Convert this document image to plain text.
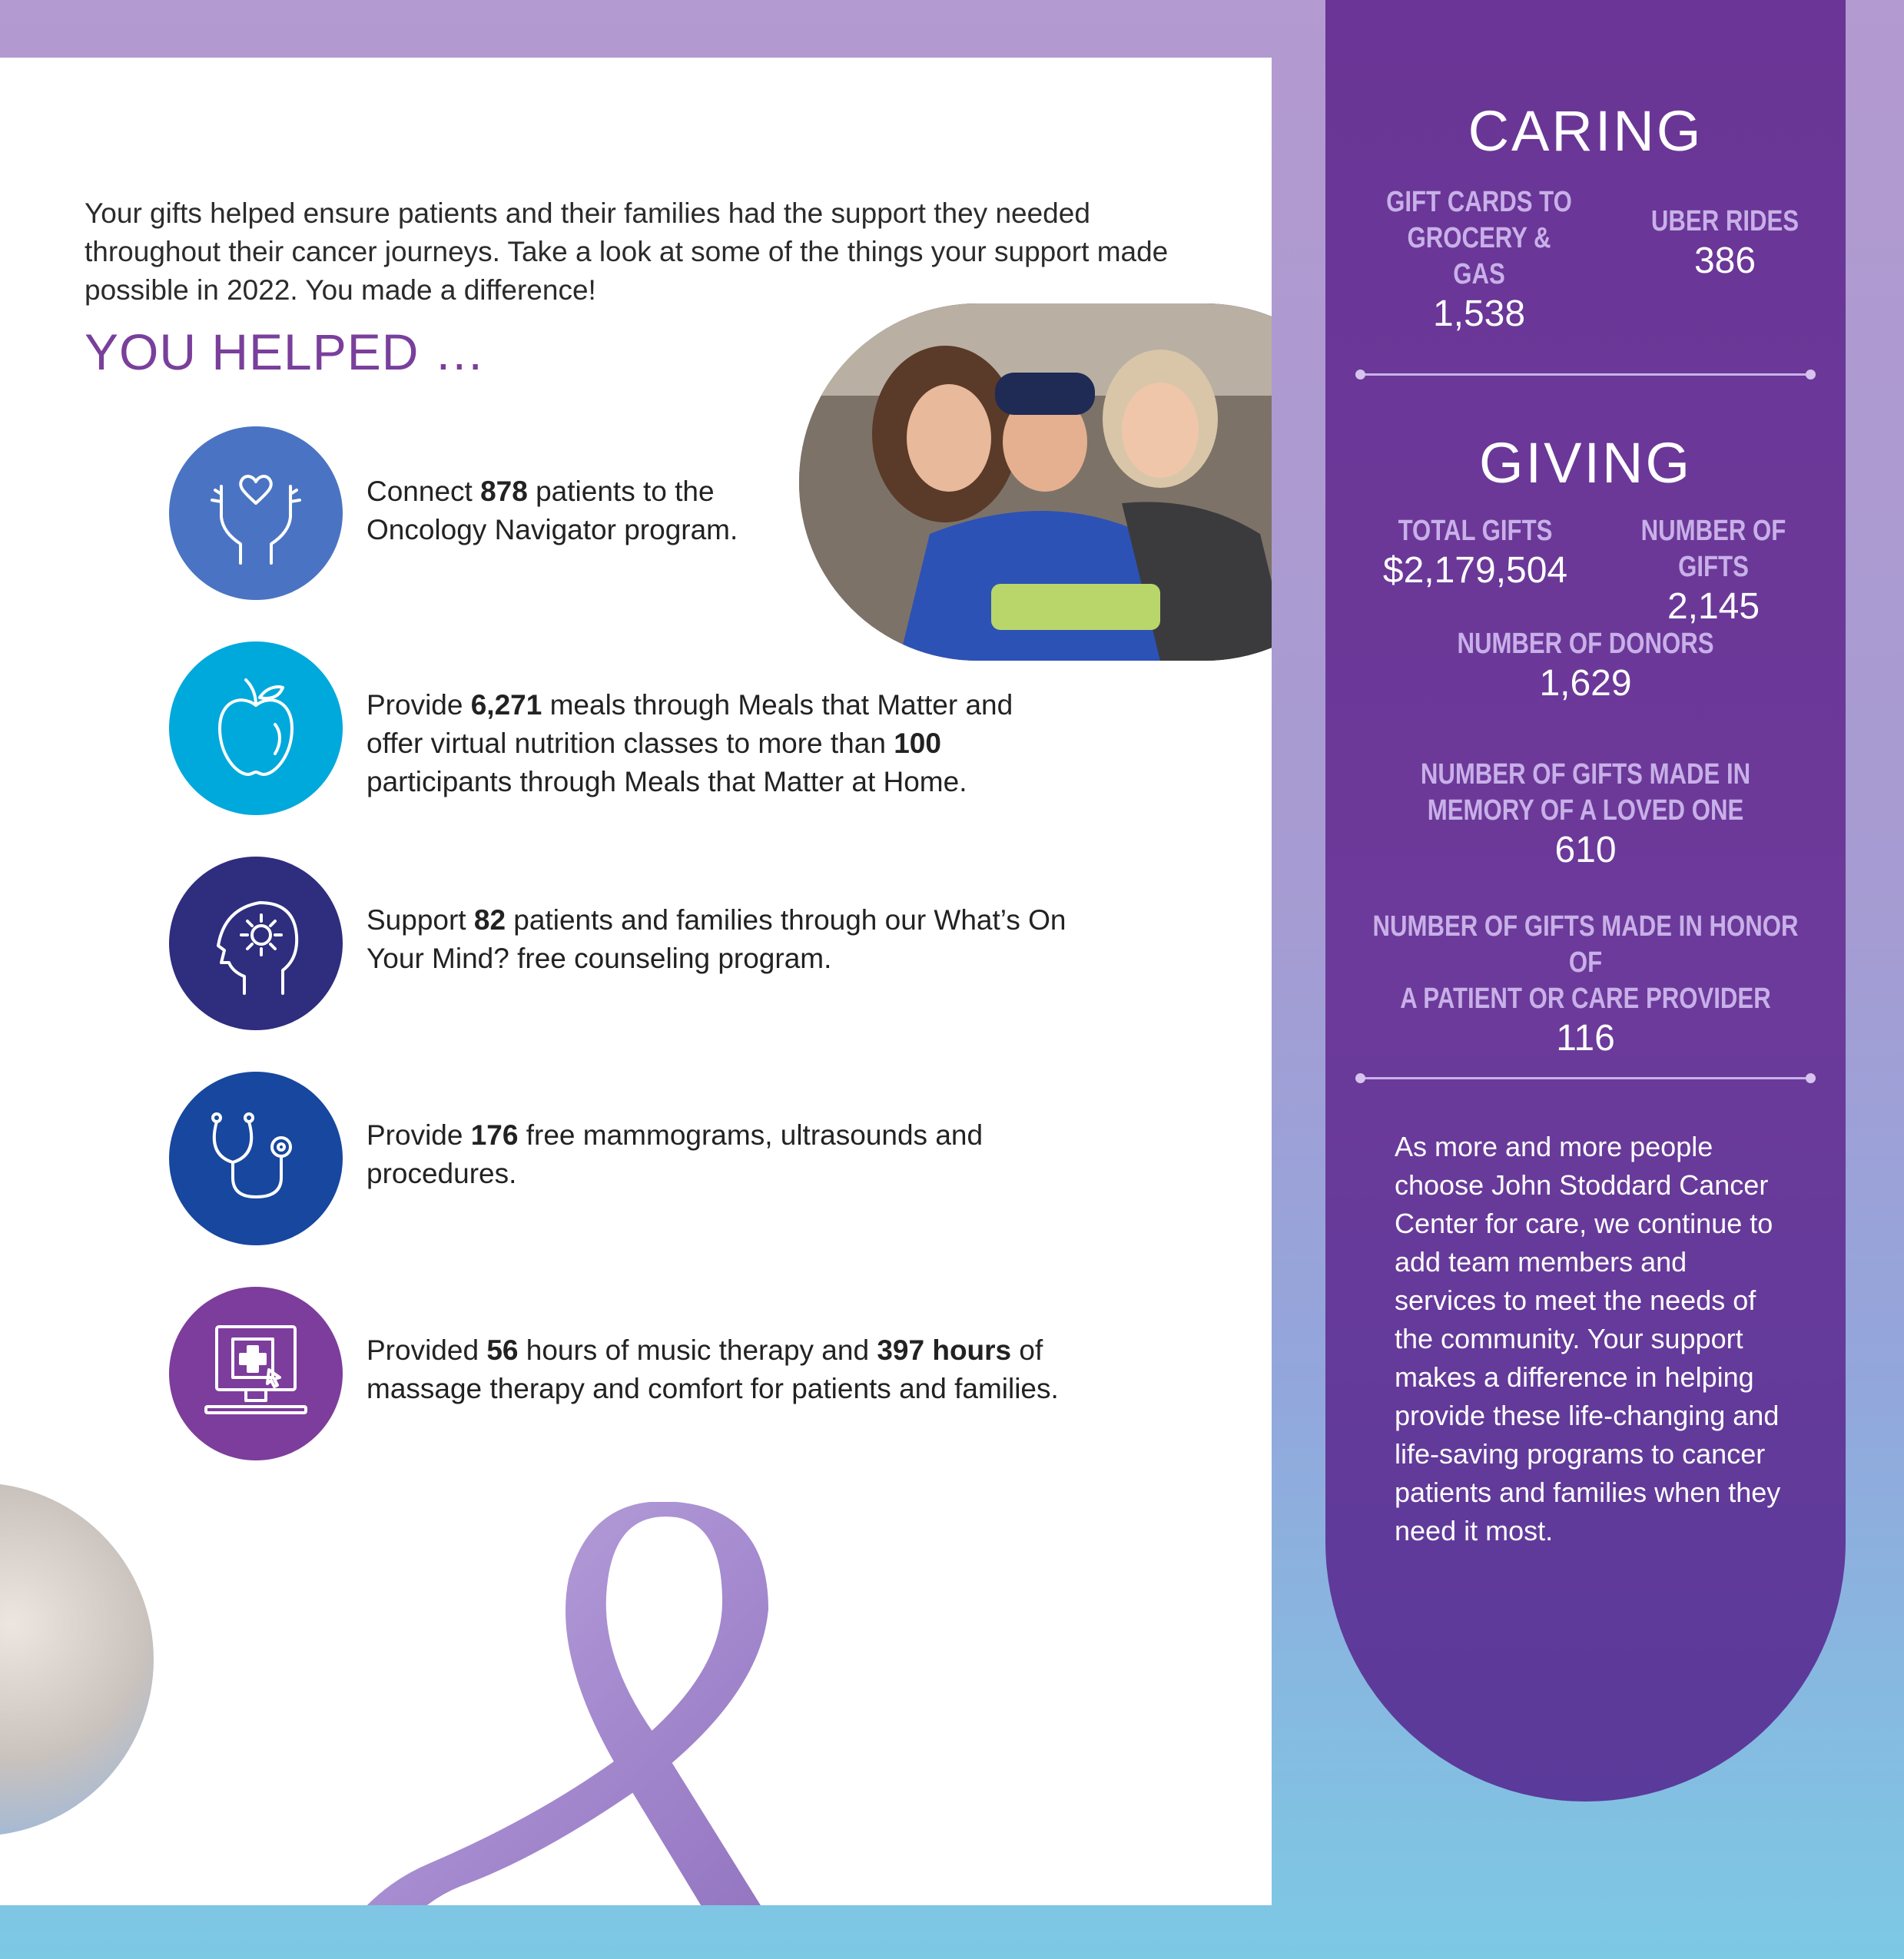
Your gifts helped ensure patients and their families had the support they needed throughout their cancer journeys. Take a look at some of the things your support made possible in 2022. You made a difference!

YOU HELPED …

Connect 878 patients to the Oncology Navigator program.

Provide 6,271 meals through Meals that Matter and offer virtual nutrition classes to more than 100 participants through Meals that Matter at Home.

Support 82 patients and families through our What’s On Your Mind? free counseling program.

Provide 176 free mammograms, ultrasounds and procedures.

Provided 56 hours of music therapy and 397 hours of massage therapy and comfort for patients and families.

CARING
GIFT CARDS TO
GROCERY & GAS
1,538
UBER RIDES
386
GIVING
TOTAL GIFTS
$2,179,504
NUMBER OF GIFTS
2,145
NUMBER OF DONORS
1,629
NUMBER OF GIFTS MADE IN
MEMORY OF A LOVED ONE
610
NUMBER OF GIFTS MADE IN HONOR OF
A PATIENT OR CARE PROVIDER
116

As more and more people choose John Stoddard Cancer Center for care, we continue to add team members and services to meet the needs of the community. Your support makes a difference in helping provide these life-changing and life-saving programs to cancer patients and families when they need it most.
